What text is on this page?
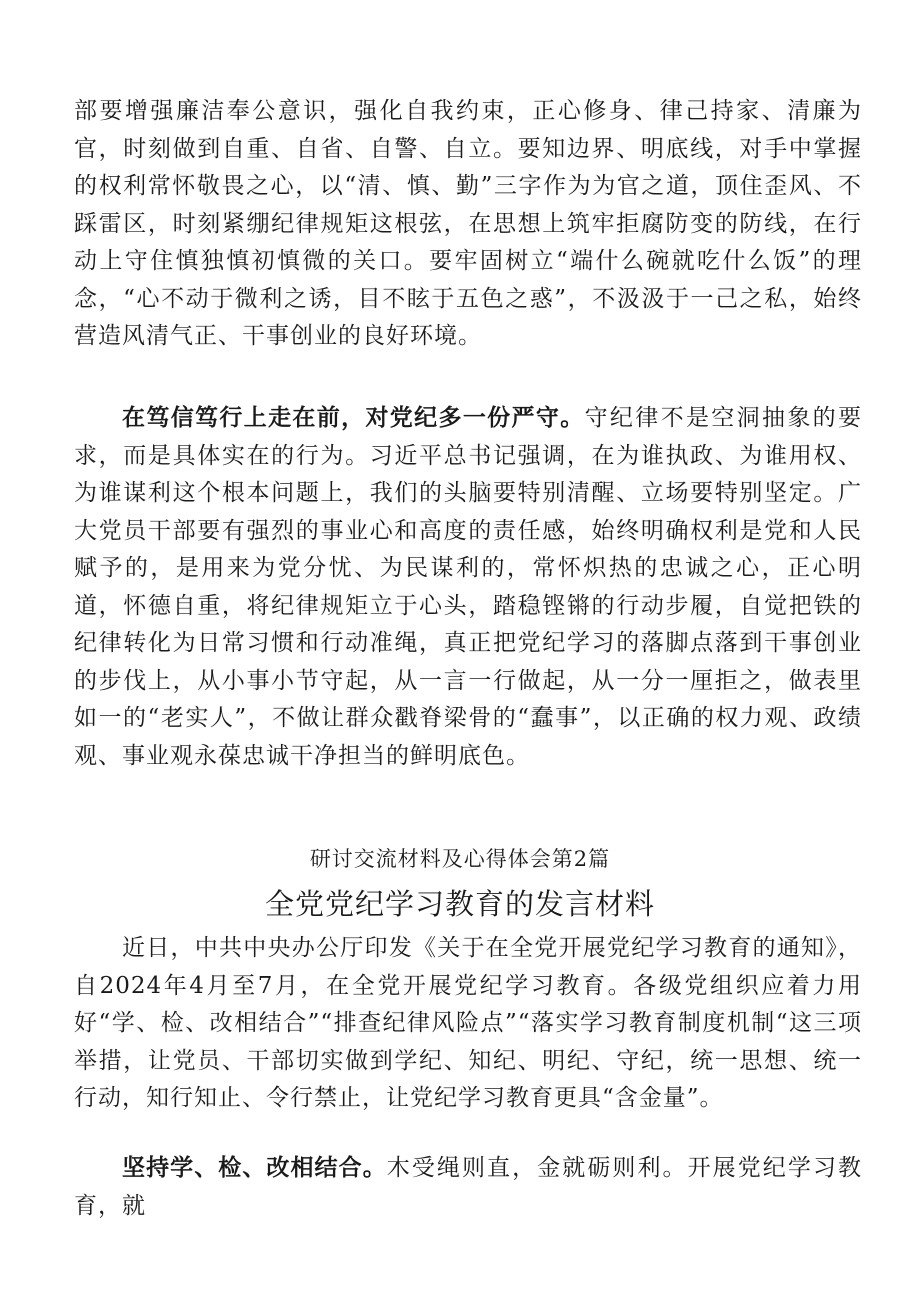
部要增强廉洁奉公意识，强化自我约束，正心修身、律己持家、清廉为官，时刻做到自重、自省、自警、自立。要知边界、明底线，对手中掌握的权利常怀敬畏之心，以“清、慎、勤”三字作为为官之道，顶住歪风、不踩雷区，时刻紧绷纪律规矩这根弦，在思想上筑牢拒腐防变的防线，在行动上守住慎独慎初慎微的关口。要牢固树立“端什么碗就吃什么饭”的理念，“心不动于微利之诱，目不眩于五色之惑”，不汲汲于一己之私，始终营造风清气正、干事创业的良好环境。

在笃信笃行上走在前，对党纪多一份严守。守纪律不是空洞抽象的要求，而是具体实在的行为。习近平总书记强调，在为谁执政、为谁用权、为谁谋利这个根本问题上，我们的头脑要特别清醒、立场要特别坚定。广大党员干部要有强烈的事业心和高度的责任感，始终明确权利是党和人民赋予的，是用来为党分忧、为民谋利的，常怀炽热的忠诚之心，正心明道，怀德自重，将纪律规矩立于心头，踏稳铿锵的行动步履，自觉把铁的纪律转化为日常习惯和行动准绳，真正把党纪学习的落脚点落到干事创业的步伐上，从小事小节守起，从一言一行做起，从一分一厘拒之，做表里如一的“老实人”，不做让群众戳脊梁骨的“蠢事”，以正确的权力观、政绩观、事业观永葆忠诚干净担当的鲜明底色。

研讨交流材料及心得体会第2篇
全党党纪学习教育的发言材料

近日，中共中央办公厅印发《关于在全党开展党纪学习教育的通知》，自2024年4月至7月，在全党开展党纪学习教育。各级党组织应着力用好“学、检、改相结合”“排查纪律风险点”“落实学习教育制度机制“这三项举措，让党员、干部切实做到学纪、知纪、明纪、守纪，统一思想、统一行动，知行知止、令行禁止，让党纪学习教育更具“含金量”。

坚持学、检、改相结合。木受绳则直，金就砺则利。开展党纪学习教育，就
